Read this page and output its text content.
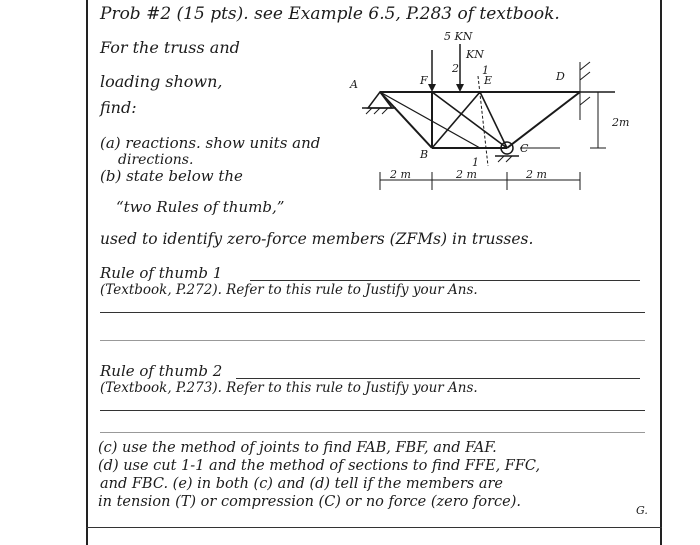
Prob #2 (15 pts). see Example 6.5, P.283 of textbook.
For the truss and
loading shown,
find:
(a) reactions. show units and
directions.
(b) state below the
“two Rules of thumb,”
used to identify zero-force members (ZFMs) in trusses.
5 KN
KN
2
A	F	E	D
B	C
1
1
2m
2 m	2 m	2 m
Rule of thumb 1
(Textbook, P.272). Refer to this rule to Justify your Ans.
Rule of thumb 2
(Textbook, P.273). Refer to this rule to Justify your Ans.
(c) use the method of joints to find FAB, FBF, and FAF.
(d) use cut 1-1 and the method of sections to find FFE, FFC,
and FBC. (e) in both (c) and (d) tell if the members are
in tension (T) or compression (C) or no force (zero force).
G.
